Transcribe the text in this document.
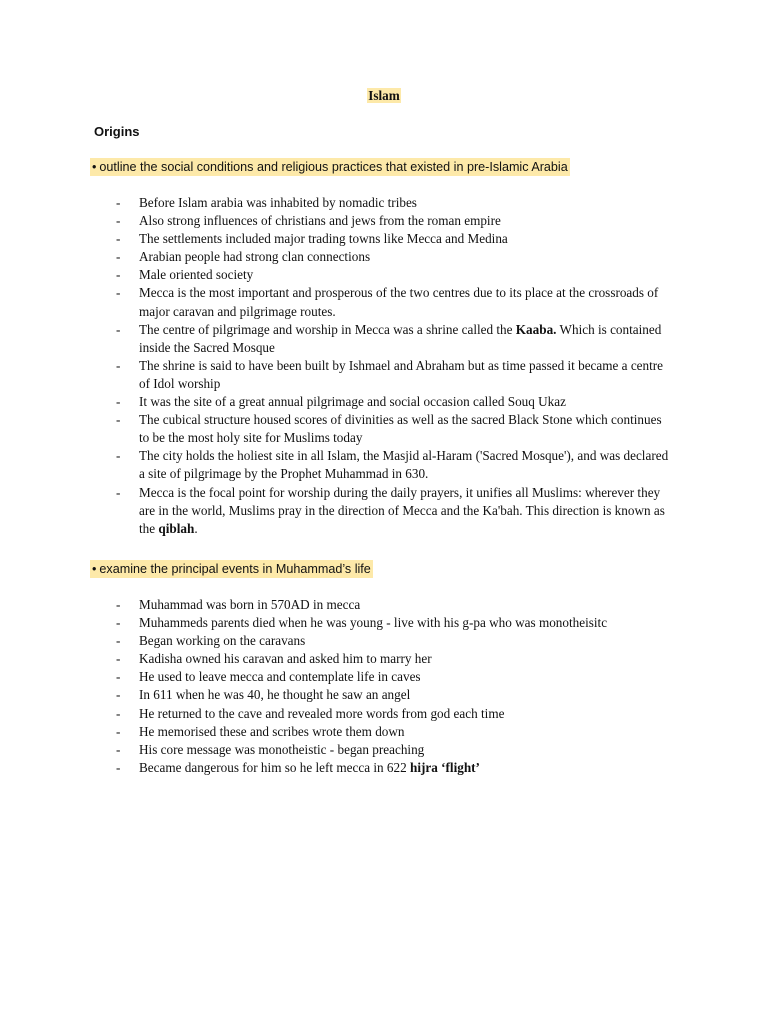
Islam
Origins
• outline the social conditions and religious practices that existed in pre-Islamic Arabia
- Before Islam arabia was inhabited by nomadic tribes
- Also strong influences of christians and jews from the roman empire
- The settlements included major trading towns like Mecca and Medina
- Arabian people had strong clan connections
- Male oriented society
- Mecca is the most important and prosperous of the two centres due to its place at the crossroads of major caravan and pilgrimage routes.
- The centre of pilgrimage and worship in Mecca was a shrine called the Kaaba. Which is contained inside the Sacred Mosque
- The shrine is said to have been built by Ishmael and Abraham but as time passed it became a centre of Idol worship
- It was the site of a great annual pilgrimage and social occasion called Souq Ukaz
- The cubical structure housed scores of divinities as well as the sacred Black Stone which continues to be the most holy site for Muslims today
- The city holds the holiest site in all Islam, the Masjid al-Haram ('Sacred Mosque'), and was declared a site of pilgrimage by the Prophet Muhammad in 630.
- Mecca is the focal point for worship during the daily prayers, it unifies all Muslims: wherever they are in the world, Muslims pray in the direction of Mecca and the Ka'bah. This direction is known as the qiblah.
• examine the principal events in Muhammad’s life
- Muhammad was born in 570AD in mecca
- Muhammeds parents died when he was young - live with his g-pa who was monotheisitc
- Began working on the caravans
- Kadisha owned his caravan and asked him to marry her
- He used to leave mecca and contemplate life in caves
- In 611 when he was 40, he thought he saw an angel
- He returned to the cave and revealed more words from god each time
- He memorised these and scribes wrote them down
- His core message was monotheistic - began preaching
- Became dangerous for him so he left mecca in 622 hijra ‘flight’
